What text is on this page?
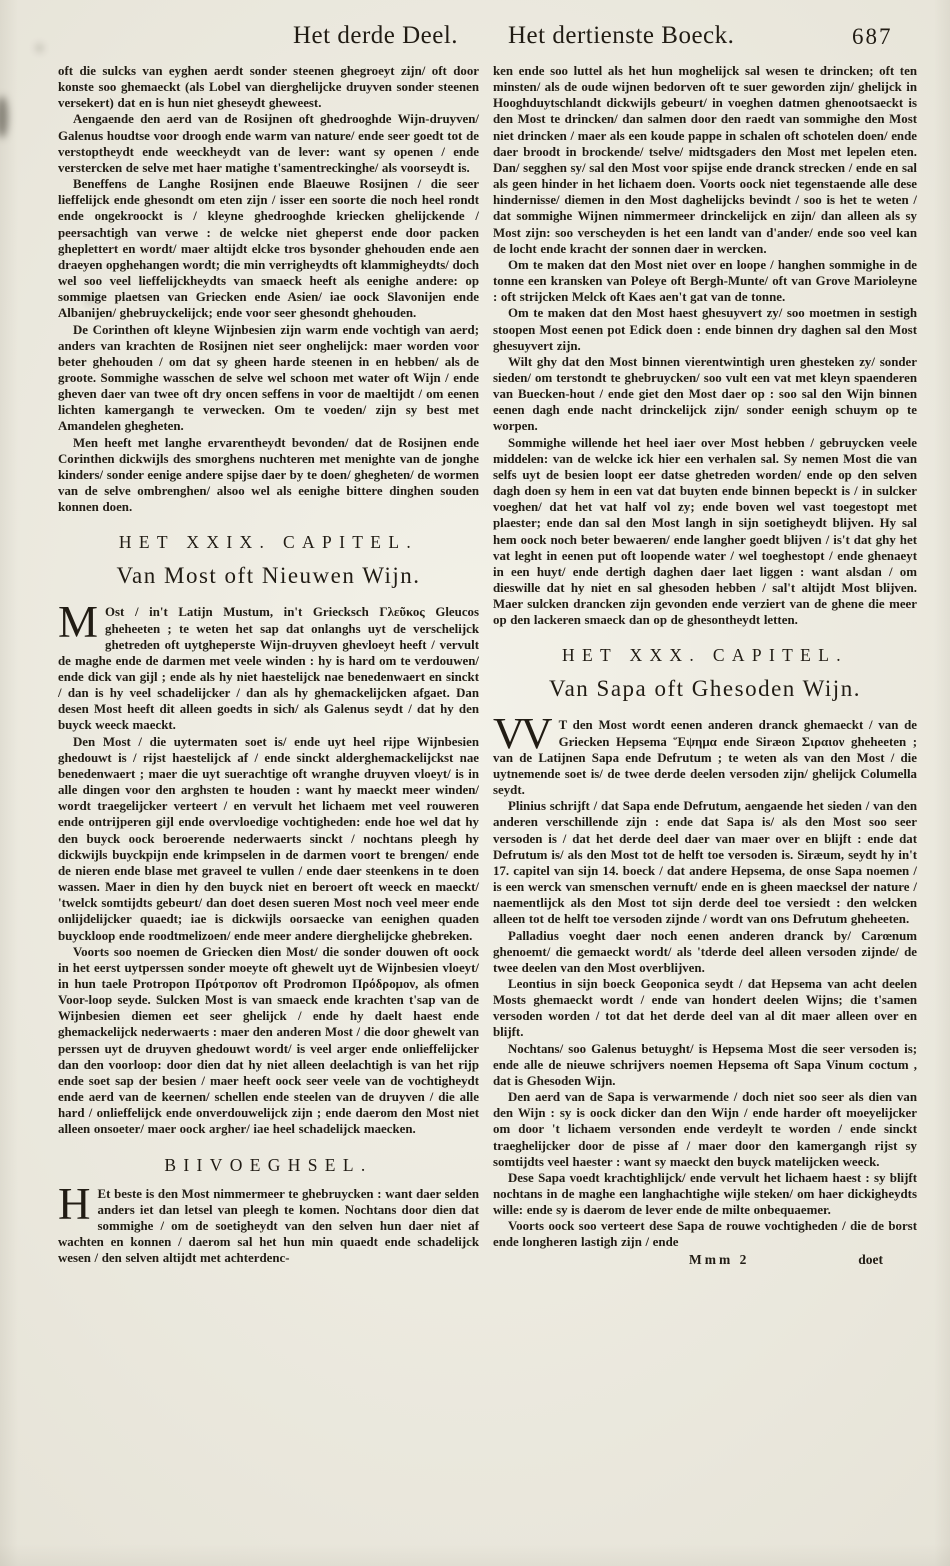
Het derde Deel. Het dertienste Boeck.	687

oft die sulcks van eyghen aerdt sonder steenen ghegroeyt zijn/ oft door konste soo ghemaeckt (als Lobel van dierghelijcke druyven sonder steenen versekert) dat en is hun niet gheseydt gheweest.

Aengaende den aerd van de Rosijnen oft ghedrooghde Wijn-druyven/ Galenus houdtse voor droogh ende warm van nature/ ende seer goedt tot de verstoptheydt ende weeckheydt van de lever: want sy openen / ende verstercken de selve met haer matighe t'samentreckinghe/ als voorseydt is.

Beneffens de Langhe Rosijnen ende Blaeuwe Rosijnen / die seer lieffelijck ende ghesondt om eten zijn / isser een soorte die noch heel rondt ende ongekroockt is / kleyne ghedrooghde kriecken ghelijckende / peersachtigh van verwe : de welcke niet gheperst ende door packen gheplettert en wordt/ maer altijdt elcke tros bysonder ghehouden ende aen draeyen opghehangen wordt; die min verrigheydts oft klammigheydts/ doch wel soo veel lieffelijckheydts van smaeck heeft als eenighe andere: op sommige plaetsen van Griecken ende Asien/ iae oock Slavonijen ende Albanijen/ ghebruyckelijck; ende voor seer ghesondt ghehouden.

De Corinthen oft kleyne Wijnbesien zijn warm ende vochtigh van aerd; anders van krachten de Rosijnen niet seer onghelijck: maer worden voor beter ghehouden / om dat sy gheen harde steenen in en hebben/ als de groote. Sommighe wasschen de selve wel schoon met water oft Wijn / ende gheven daer van twee oft dry oncen seffens in voor de maeltijdt / om eenen lichten kamergangh te verwecken. Om te voeden/ zijn sy best met Amandelen ghegheten.

Men heeft met langhe ervarentheydt bevonden/ dat de Rosijnen ende Corinthen dickwijls des smorghens nuchteren met menighte van de jonghe kinders/ sonder eenige andere spijse daer by te doen/ ghegheten/ de wormen van de selve ombrenghen/ alsoo wel als eenighe bittere dinghen souden konnen doen.

HET XXIX. CAPITEL.
Van Most oft Nieuwen Wijn.

M Ost / in't Latijn Mustum, in't Griecksch Γλεῦκος Gleucos gheheeten ; te weten het sap dat onlanghs uyt de verschelijck ghetreden oft uytgheperste Wijn-druyven ghevloeyt heeft / vervult de maghe ende de darmen met veele winden : hy is hard om te verdouwen/ ende dick van gijl ; ende als hy niet haestelijck nae benedenwaert en sinckt / dan is hy veel schadelijcker / dan als hy ghemackelijcken afgaet. Dan desen Most heeft dit alleen goedts in sich/ als Galenus seydt / dat hy den buyck weeck maeckt.

Den Most / die uytermaten soet is/ ende uyt heel rijpe Wijnbesien ghedouwt is / rijst haestelijck af / ende sinckt alderghemackelijckst nae benedenwaert ; maer die uyt suerachtige oft wranghe druyven vloeyt/ is in alle dingen voor den arghsten te houden : want hy maeckt meer winden/ wordt traegelijcker verteert / en vervult het lichaem met veel rouweren ende ontrijperen gijl ende overvloedige vochtigheden: ende hoe wel dat hy den buyck oock beroerende nederwaerts sinckt / nochtans pleegh hy dickwijls buyckpijn ende krimpselen in de darmen voort te brengen/ ende de nieren ende blase met graveel te vullen / ende daer steenkens in te doen wassen. Maer in dien hy den buyck niet en beroert oft weeck en maeckt/ 'twelck somtijdts gebeurt/ dan doet desen sueren Most noch veel meer ende onlijdelijcker quaedt; iae is dickwijls oorsaecke van eenighen quaden buyckloop ende roodtmelizoen/ ende meer andere dierghelijcke ghebreken.

Voorts soo noemen de Griecken dien Most/ die sonder douwen oft oock in het eerst uytperssen sonder moeyte oft ghewelt uyt de Wijnbesien vloeyt/ in hun taele Protropon Πρότροπον oft Prodromon Πρόδρομον, als ofmen Voor-loop seyde. Sulcken Most is van smaeck ende krachten t'sap van de Wijnbesien diemen eet seer ghelijck / ende hy daelt haest ende ghemackelijck nederwaerts : maer den anderen Most / die door ghewelt van perssen uyt de druyven ghedouwt wordt/ is veel arger ende onlieffelijcker dan den voorloop: door dien dat hy niet alleen deelachtigh is van het rijp ende soet sap der besien / maer heeft oock seer veele van de vochtigheydt ende aerd van de keernen/ schellen ende steelen van de druyven / die alle hard / onlieffelijck ende onverdouwelijck zijn ; ende daerom den Most niet alleen onsoeter/ maer oock argher/ iae heel schadelijck maecken.

BIIVOEGHSEL.

H Et beste is den Most nimmermeer te ghebruycken : want daer selden anders iet dan letsel van pleegh te komen. Nochtans door dien dat sommighe / om de soetigheydt van den selven hun daer niet af wachten en konnen / daerom sal het hun min quaedt ende schadelijck wesen / den selven altijdt met achterdenc-

ken ende soo luttel als het hun moghelijck sal wesen te drincken; oft ten minsten/ als de oude wijnen bedorven oft te suer geworden zijn/ ghelijck in Hooghduytschlandt dickwijls gebeurt/ in voeghen datmen ghenootsaeckt is den Most te drincken/ dan salmen door den raedt van sommighe den Most niet drincken / maer als een koude pappe in schalen oft schotelen doen/ ende daer broodt in brockende/ tselve/ midtsgaders den Most met lepelen eten. Dan/ segghen sy/ sal den Most voor spijse ende dranck strecken / ende en sal als geen hinder in het lichaem doen. Voorts oock niet tegenstaende alle dese hindernisse/ diemen in den Most daghelijcks bevindt / soo is het te weten / dat sommighe Wijnen nimmermeer drinckelijck en zijn/ dan alleen als sy Most zijn: soo verscheyden is het een landt van d'ander/ ende soo veel kan de locht ende kracht der sonnen daer in wercken.

Om te maken dat den Most niet over en loope / hanghen sommighe in de tonne een kransken van Poleye oft Bergh-Munte/ oft van Grove Marioleyne : oft strijcken Melck oft Kaes aen't gat van de tonne.

Om te maken dat den Most haest ghesuyvert zy/ soo moetmen in sestigh stoopen Most eenen pot Edick doen : ende binnen dry daghen sal den Most ghesuyvert zijn.

Wilt ghy dat den Most binnen vierentwintigh uren ghesteken zy/ sonder sieden/ om terstondt te ghebruycken/ soo vult een vat met kleyn spaenderen van Buecken-hout / ende giet den Most daer op : soo sal den Wijn binnen eenen dagh ende nacht drinckelijck zijn/ sonder eenigh schuym op te worpen.

Sommighe willende het heel iaer over Most hebben / gebruycken veele middelen: van de welcke ick hier een verhalen sal. Sy nemen Most die van selfs uyt de besien loopt eer datse ghetreden worden/ ende op den selven dagh doen sy hem in een vat dat buyten ende binnen bepeckt is / in sulcker voeghen/ dat het vat half vol zy; ende boven wel vast toegestopt met plaester; ende dan sal den Most langh in sijn soetigheydt blijven. Hy sal hem oock noch beter bewaeren/ ende langher goedt blijven / is't dat ghy het vat leght in eenen put oft loopende water / wel toeghestopt / ende ghenaeyt in een huyt/ ende dertigh daghen daer laet liggen : want alsdan / om dieswille dat hy niet en sal ghesoden hebben / sal't altijdt Most blijven. Maer sulcken drancken zijn gevonden ende verziert van de ghene die meer op den lackeren smaeck dan op de ghesontheydt letten.

HET XXX. CAPITEL.
Van Sapa oft Ghesoden Wijn.

VV T den Most wordt eenen anderen dranck ghemaeckt / van de Griecken Hepsema Ἕψημα ende Siræon Σιραιον gheheeten ; van de Latijnen Sapa ende Defrutum ; te weten als van den Most / die uytnemende soet is/ de twee derde deelen versoden zijn/ ghelijck Columella seydt.

Plinius schrijft / dat Sapa ende Defrutum, aengaende het sieden / van den anderen verschillende zijn : ende dat Sapa is/ als den Most soo seer versoden is / dat het derde deel daer van maer over en blijft : ende dat Defrutum is/ als den Most tot de helft toe versoden is. Siræum, seydt hy in't 17. capitel van sijn 14. boeck / dat andere Hepsema, de onse Sapa noemen / is een werck van smenschen vernuft/ ende en is gheen maecksel der nature / naementlijck als den Most tot sijn derde deel toe versiedt : den welcken alleen tot de helft toe versoden zijnde / wordt van ons Defrutum gheheeten.

Palladius voeght daer noch eenen anderen dranck by/ Carœnum ghenoemt/ die gemaeckt wordt/ als 'tderde deel alleen versoden zijnde/ de twee deelen van den Most overblijven.

Leontius in sijn boeck Geoponica seydt / dat Hepsema van acht deelen Mosts ghemaeckt wordt / ende van hondert deelen Wijns; die t'samen versoden worden / tot dat het derde deel van al dit maer alleen over en blijft.

Nochtans/ soo Galenus betuyght/ is Hepsema Most die seer versoden is; ende alle de nieuwe schrijvers noemen Hepsema oft Sapa Vinum coctum , dat is Ghesoden Wijn.

Den aerd van de Sapa is verwarmende / doch niet soo seer als dien van den Wijn : sy is oock dicker dan den Wijn / ende harder oft moeyelijcker om door 't lichaem versonden ende verdeylt te worden / ende sinckt traeghelijcker door de pisse af / maer door den kamergangh rijst sy somtijdts veel haester : want sy maeckt den buyck matelijcken weeck.

Dese Sapa voedt krachtighlijck/ ende vervult het lichaem haest : sy blijft nochtans in de maghe een langhachtighe wijle steken/ om haer dickigheydts wille: ende sy is daerom de lever ende de milte onbequaemer.

Voorts oock soo verteert dese Sapa de rouwe vochtigheden / die de borst ende longheren lastigh zijn / ende

Mmm 2	doet
